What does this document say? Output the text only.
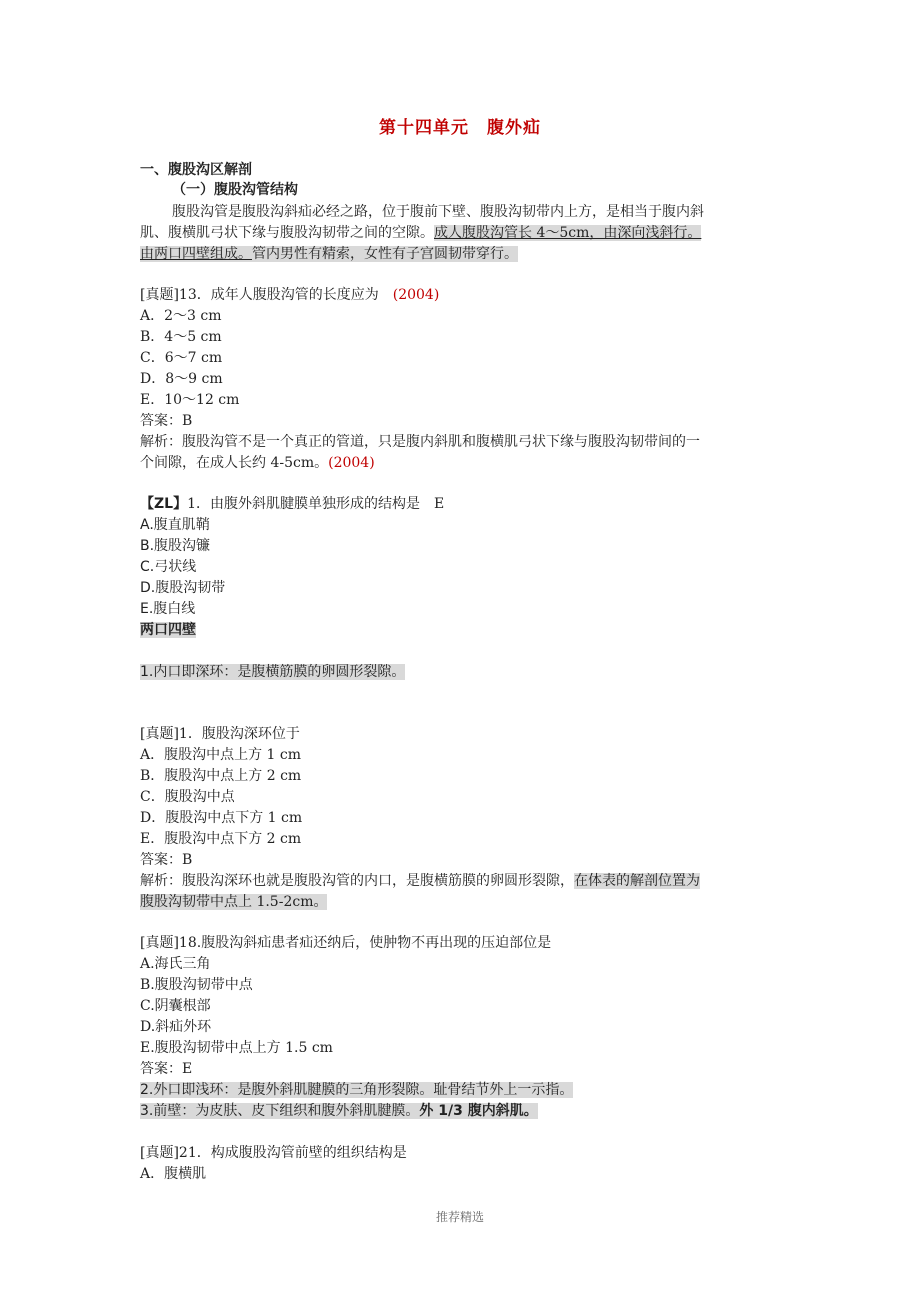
第十四单元　腹外疝
一、腹股沟区解剖
（一）腹股沟管结构
腹股沟管是腹股沟斜疝必经之路，位于腹前下壁、腹股沟韧带内上方，是相当于腹内斜
肌、腹横肌弓状下缘与腹股沟韧带之间的空隙。成人腹股沟管长 4～5cm，由深向浅斜行。
由两口四壁组成。管内男性有精索，女性有子宫圆韧带穿行。
[真题]13．成年人腹股沟管的长度应为　 (2004)
A．2～3 cm
B．4～5 cm
C．6～7 cm
D．8～9 cm
E．10～12 cm
答案：B
解析：腹股沟管不是一个真正的管道，只是腹内斜肌和腹横肌弓状下缘与腹股沟韧带间的一
个间隙，在成人长约 4-5cm。(2004)
【ZL】1．由腹外斜肌腱膜单独形成的结构是　E
A.腹直肌鞘
B.腹股沟镰
C.弓状线
D.腹股沟韧带
E.腹白线
两口四壁
1.内口即深环：是腹横筋膜的卵圆形裂隙。
[真题]1．腹股沟深环位于
A．腹股沟中点上方 1 cm
B．腹股沟中点上方 2 cm
C．腹股沟中点
D．腹股沟中点下方 1 cm
E．腹股沟中点下方 2 cm
答案：B
解析：腹股沟深环也就是腹股沟管的内口，是腹横筋膜的卵圆形裂隙，在体表的解剖位置为
腹股沟韧带中点上 1.5-2cm。
[真题]18.腹股沟斜疝患者疝还纳后，使肿物不再出现的压迫部位是
A.海氏三角
B.腹股沟韧带中点
C.阴囊根部
D.斜疝外环
E.腹股沟韧带中点上方 1.5 cm
答案：E
2.外口即浅环：是腹外斜肌腱膜的三角形裂隙。耻骨结节外上一示指。
3.前壁：为皮肤、皮下组织和腹外斜肌腱膜。外 1/3 腹内斜肌。
[真题]21．构成腹股沟管前壁的组织结构是
A．腹横肌
推荐精选
